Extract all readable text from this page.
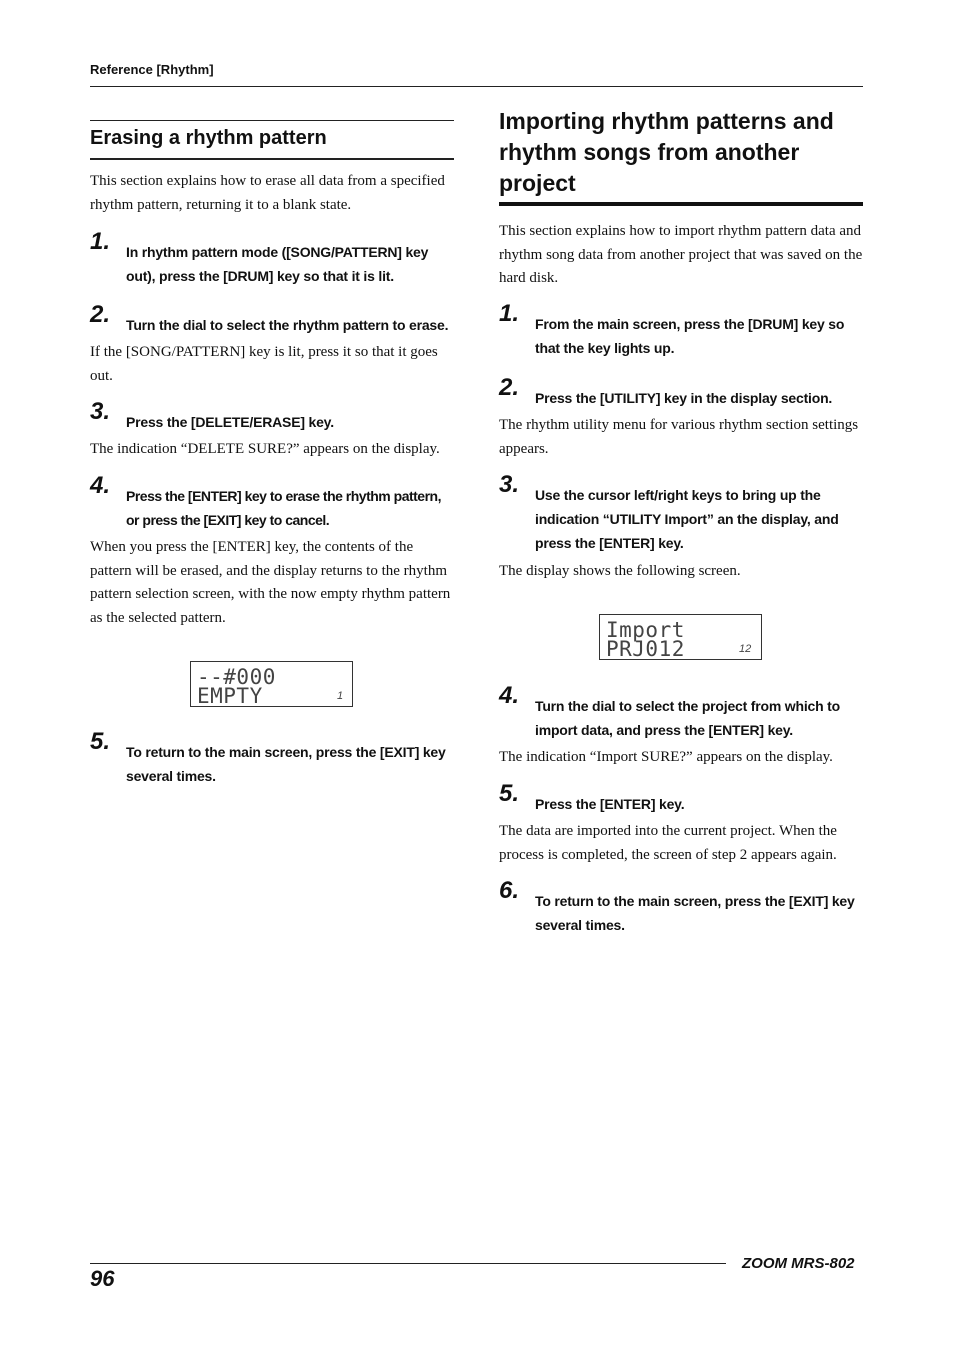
Reference [Rhythm]
Erasing a rhythm pattern
This section explains how to erase all data from a specified rhythm pattern, returning it to a blank state.
1. In rhythm pattern mode ([SONG/PATTERN] key out), press the [DRUM] key so that it is lit.
2. Turn the dial to select the rhythm pattern to erase.
If the [SONG/PATTERN] key is lit, press it so that it goes out.
3. Press the [DELETE/ERASE] key.
The indication “DELETE SURE?” appears on the display.
4. Press the [ENTER] key to erase the rhythm pattern, or press the [EXIT] key to cancel.
When you press the [ENTER] key, the contents of the pattern will be erased, and the display returns to the rhythm pattern selection screen, with the now empty rhythm pattern as the selected pattern.
--#000
EMPTY	1
5. To return to the main screen, press the [EXIT] key several times.
Importing rhythm patterns and rhythm songs from another project
This section explains how to import rhythm pattern data and rhythm song data from another project that was saved on the hard disk.
1. From the main screen, press the [DRUM] key so that the key lights up.
2. Press the [UTILITY] key in the display section.
The rhythm utility menu for various rhythm section settings appears.
3. Use the cursor left/right keys to bring up the indication “UTILITY Import” an the display, and press the [ENTER] key.
The display shows the following screen.
Import
PRJ012	12
4. Turn the dial to select the project from which to import data, and press the [ENTER] key.
The indication “Import SURE?” appears on the display.
5. Press the [ENTER] key.
The data are imported into the current project. When the process is completed, the screen of step 2 appears again.
6. To return to the main screen, press the [EXIT] key several times.
96
ZOOM MRS-802
